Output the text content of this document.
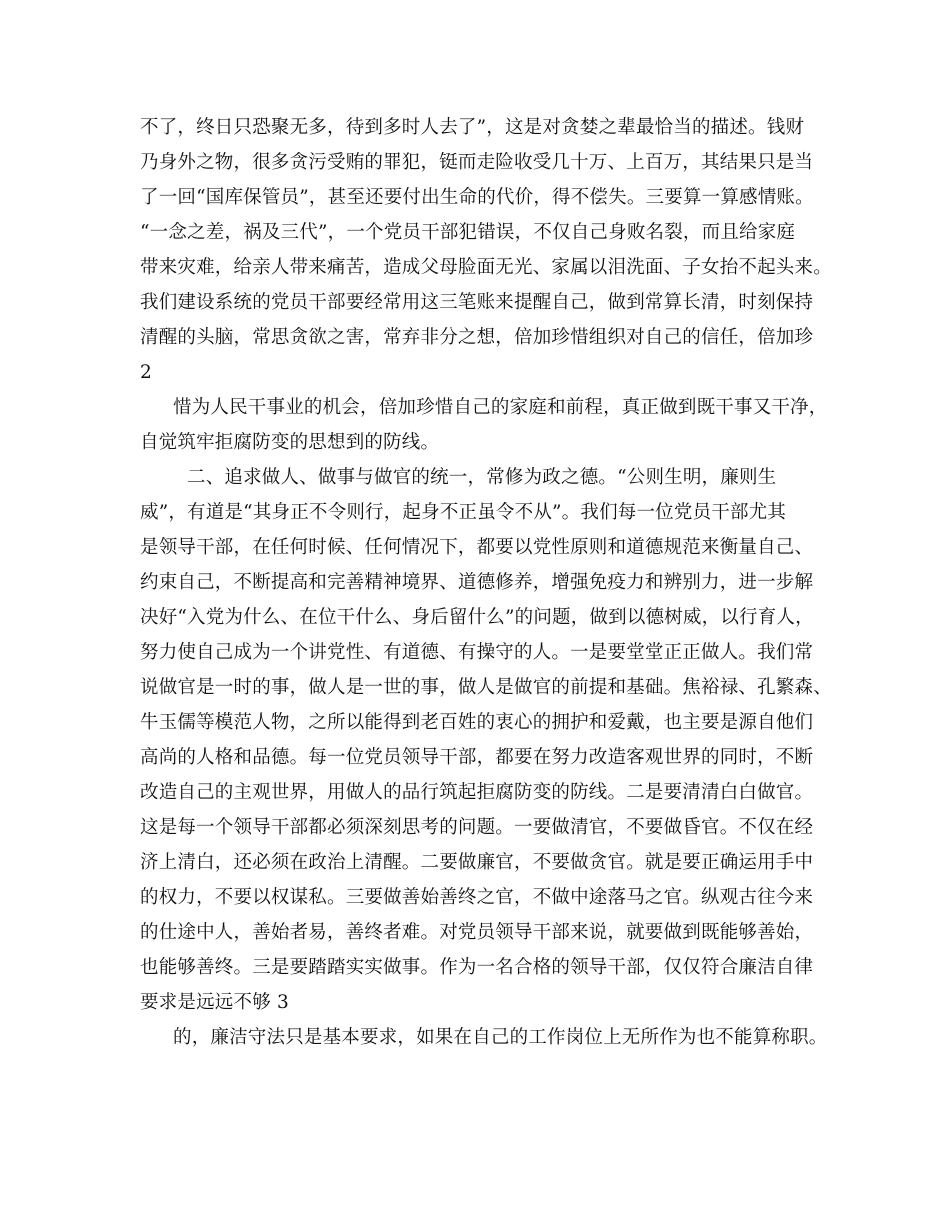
不了，终日只恐聚无多，待到多时人去了”，这是对贪婪之辈最恰当的描述。钱财

乃身外之物，很多贪污受贿的罪犯，铤而走险收受几十万、上百万，其结果只是当

了一回“国库保管员”，甚至还要付出生命的代价，得不偿失。三要算一算感情账。

“一念之差，祸及三代”，一个党员干部犯错误，不仅自己身败名裂，而且给家庭

带来灾难，给亲人带来痛苦，造成父母脸面无光、家属以泪洗面、子女抬不起头来。

我们建设系统的党员干部要经常用这三笔账来提醒自己，做到常算长清，时刻保持

清醒的头脑，常思贪欲之害，常弃非分之想，倍加珍惜组织对自己的信任，倍加珍

2

惜为人民干事业的机会，倍加珍惜自己的家庭和前程，真正做到既干事又干净，

自觉筑牢拒腐防变的思想到的防线。

二、追求做人、做事与做官的统一，常修为政之德。“公则生明，廉则生

威”，有道是“其身正不令则行，起身不正虽令不从”。我们每一位党员干部尤其

是领导干部，在任何时候、任何情况下，都要以党性原则和道德规范来衡量自己、

约束自己，不断提高和完善精神境界、道德修养，增强免疫力和辨别力，进一步解

决好“入党为什么、在位干什么、身后留什么”的问题，做到以德树威，以行育人，

努力使自己成为一个讲党性、有道德、有操守的人。一是要堂堂正正做人。我们常

说做官是一时的事，做人是一世的事，做人是做官的前提和基础。焦裕禄、孔繁森、

牛玉儒等模范人物，之所以能得到老百姓的衷心的拥护和爱戴，也主要是源自他们

高尚的人格和品德。每一位党员领导干部，都要在努力改造客观世界的同时，不断

改造自己的主观世界，用做人的品行筑起拒腐防变的防线。二是要清清白白做官。

这是每一个领导干部都必须深刻思考的问题。一要做清官，不要做昏官。不仅在经

济上清白，还必须在政治上清醒。二要做廉官，不要做贪官。就是要正确运用手中

的权力，不要以权谋私。三要做善始善终之官，不做中途落马之官。纵观古往今来

的仕途中人，善始者易，善终者难。对党员领导干部来说，就要做到既能够善始，

也能够善终。三是要踏踏实实做事。作为一名合格的领导干部，仅仅符合廉洁自律

要求是远远不够 3

的，廉洁守法只是基本要求，如果在自己的工作岗位上无所作为也不能算称职。
